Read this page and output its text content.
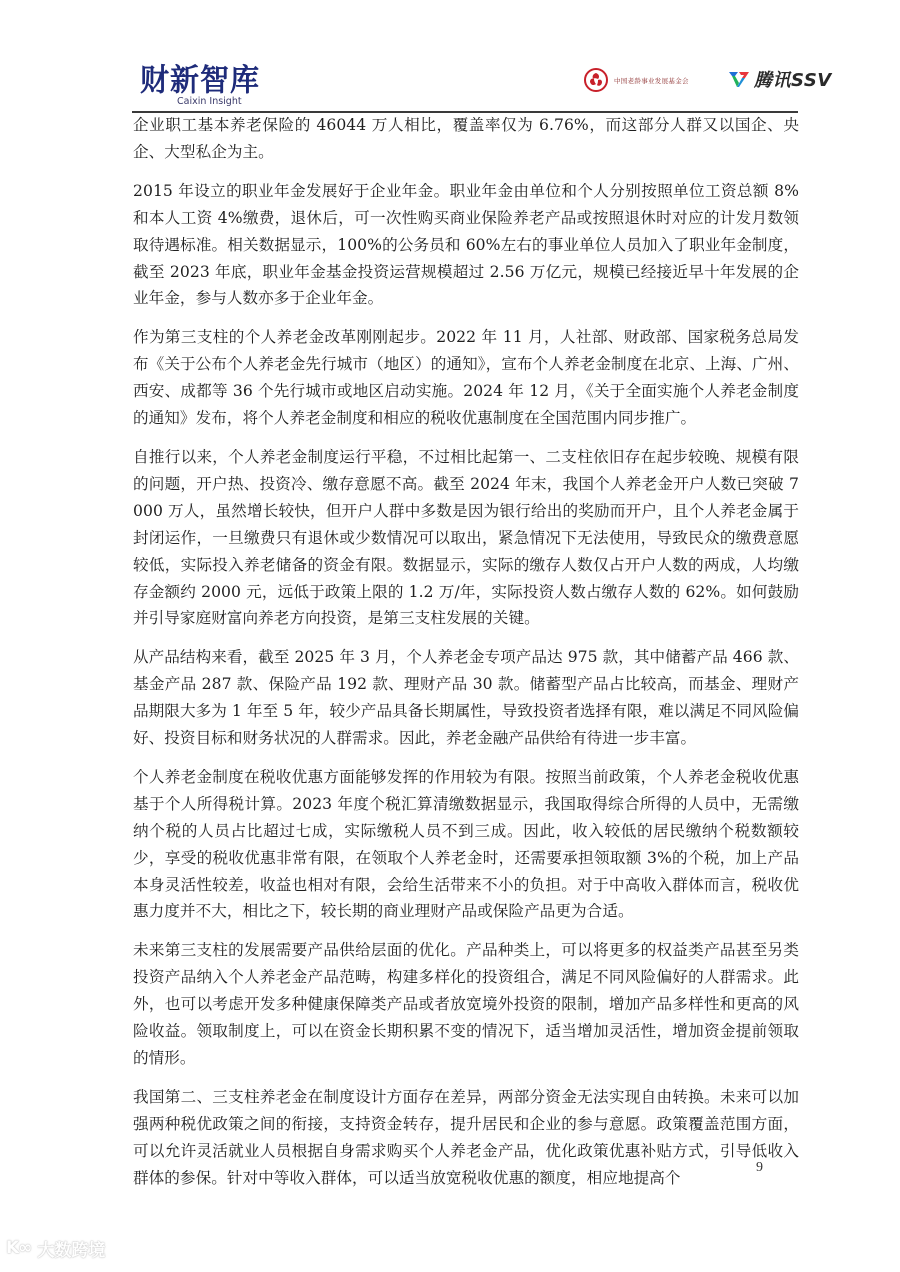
财新智库
Caixin Insight
中国老龄事业发展基金会	腾讯SSV

企业职工基本养老保险的 46044 万人相比，覆盖率仅为 6.76%，而这部分人群又以国企、央企、大型私企为主。

2015 年设立的职业年金发展好于企业年金。职业年金由单位和个人分别按照单位工资总额 8%和本人工资 4%缴费，退休后，可一次性购买商业保险养老产品或按照退休时对应的计发月数领取待遇标准。相关数据显示，100%的公务员和 60%左右的事业单位人员加入了职业年金制度，截至 2023 年底，职业年金基金投资运营规模超过 2.56 万亿元，规模已经接近早十年发展的企业年金，参与人数亦多于企业年金。

作为第三支柱的个人养老金改革刚刚起步。2022 年 11 月，人社部、财政部、国家税务总局发布《关于公布个人养老金先行城市（地区）的通知》，宣布个人养老金制度在北京、上海、广州、西安、成都等 36 个先行城市或地区启动实施。2024 年 12 月，《关于全面实施个人养老金制度的通知》发布，将个人养老金制度和相应的税收优惠制度在全国范围内同步推广。

自推行以来，个人养老金制度运行平稳，不过相比起第一、二支柱依旧存在起步较晚、规模有限的问题，开户热、投资冷、缴存意愿不高。截至 2024 年末，我国个人养老金开户人数已突破 7000 万人，虽然增长较快，但开户人群中多数是因为银行给出的奖励而开户，且个人养老金属于封闭运作，一旦缴费只有退休或少数情况可以取出，紧急情况下无法使用，导致民众的缴费意愿较低，实际投入养老储备的资金有限。数据显示，实际的缴存人数仅占开户人数的两成，人均缴存金额约 2000 元，远低于政策上限的 1.2 万/年，实际投资人数占缴存人数的 62%。如何鼓励并引导家庭财富向养老方向投资，是第三支柱发展的关键。

从产品结构来看，截至 2025 年 3 月，个人养老金专项产品达 975 款，其中储蓄产品 466 款、基金产品 287 款、保险产品 192 款、理财产品 30 款。储蓄型产品占比较高，而基金、理财产品期限大多为 1 年至 5 年，较少产品具备长期属性，导致投资者选择有限，难以满足不同风险偏好、投资目标和财务状况的人群需求。因此，养老金融产品供给有待进一步丰富。

个人养老金制度在税收优惠方面能够发挥的作用较为有限。按照当前政策，个人养老金税收优惠基于个人所得税计算。2023 年度个税汇算清缴数据显示，我国取得综合所得的人员中，无需缴纳个税的人员占比超过七成，实际缴税人员不到三成。因此，收入较低的居民缴纳个税数额较少，享受的税收优惠非常有限，在领取个人养老金时，还需要承担领取额 3%的个税，加上产品本身灵活性较差，收益也相对有限，会给生活带来不小的负担。对于中高收入群体而言，税收优惠力度并不大，相比之下，较长期的商业理财产品或保险产品更为合适。

未来第三支柱的发展需要产品供给层面的优化。产品种类上，可以将更多的权益类产品甚至另类投资产品纳入个人养老金产品范畴，构建多样化的投资组合，满足不同风险偏好的人群需求。此外，也可以考虑开发多种健康保障类产品或者放宽境外投资的限制，增加产品多样性和更高的风险收益。领取制度上，可以在资金长期积累不变的情况下，适当增加灵活性，增加资金提前领取的情形。

我国第二、三支柱养老金在制度设计方面存在差异，两部分资金无法实现自由转换。未来可以加强两种税优政策之间的衔接，支持资金转存，提升居民和企业的参与意愿。政策覆盖范围方面，可以允许灵活就业人员根据自身需求购买个人养老金产品，优化政策优惠补贴方式，引导低收入群体的参保。针对中等收入群体，可以适当放宽税收优惠的额度，相应地提高个

9
K∞ 大数跨境
